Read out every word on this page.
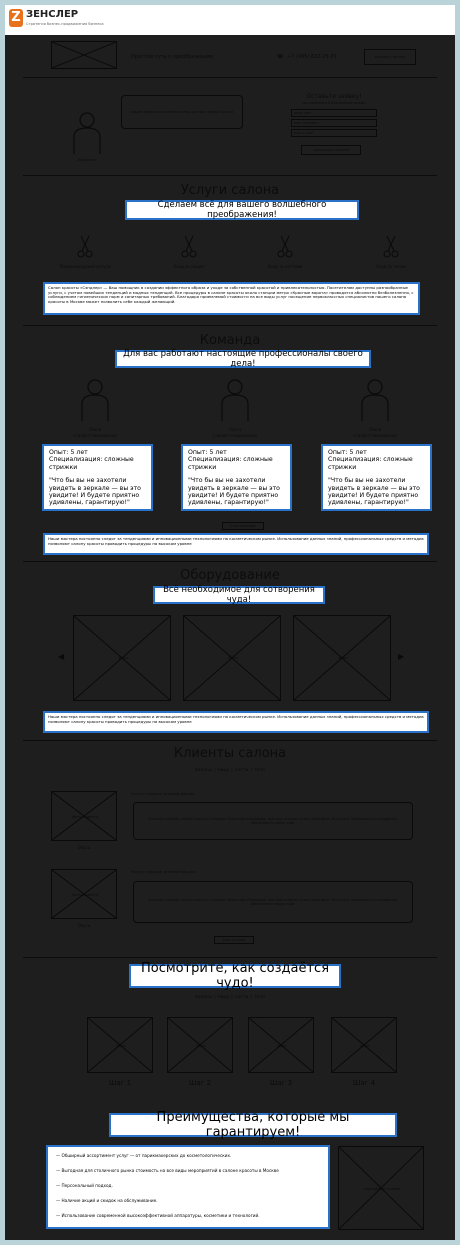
Z ЗЕНСЛЕР
Стратегия бизнес-продвижения бизнеса
Простой путь к преображению	☎ +7 (495) 632-25-01	заказать звонок
создан макетом с возможностью, для вас первой ссылки
Надёжная
Оставьте заявку!
мы свяжемся в ближайшее время
ваше имя
ваш телефон
ваш e-mail
записаться онлайн
Услуги салона
Сделаем всё для вашего волшебного преображения!
Парикмахерские услуги	Уход за лицом	Уход за ногтями	Уход за телом
Салон красоты «Сэндлер» — Ваш помощник в создании эффектного образа и уходе за собственной красотой и привлекательностью. Посетителям доступны разнообразные услуги, с учетом новейших тенденций и модных тенденций. Все процедуры в салоне красоты около станции метро «Красные ворота» проводятся абсолютно безболезненно, с соблюдением гигиенических норм и санитарных требований. Благодаря приемлемой стоимости на все виды услуг посещение первоклассных специалистов нашего салона красоты в Москве может позволить себе каждый желающий.
Команда
Для вас работают настоящие профессионалы своего дела!
Ольга
стилист-парикмахер
Ольга
стилист-парикмахер
Ольга
стилист-парикмахер

Опыт: 5 лет

Специализация: сложные стрижки

"Что бы вы не захотели увидеть в зеркале — вы это увидите! И будете приятно удивлены, гарантирую!"

Опыт: 5 лет

Специализация: сложные стрижки

"Что бы вы не захотели увидеть в зеркале — вы это увидите! И будете приятно удивлены, гарантирую!"

Опыт: 5 лет

Специализация: сложные стрижки

"Что бы вы не захотели увидеть в зеркале — вы это увидите! И будете приятно удивлены, гарантирую!"

Ещё команда
Наши мастера постоянно следят за тенденциями и инновационными технологиями на косметическом рынке. Использование данных знаний, профессиональных средств и методик позволяют салону красоты проводить процедуры на высоком уровне
Оборудование
Всё необходимое для сотворения чуда!
◀	фото	фото	фото	▶
Наши мастера постоянно следят за тенденциями и инновационными технологиями на косметическом рынке. Использование данных знаний, профессиональных средств и методик позволяют салону красоты проводить процедуры на высоком уровне
Клиенты салона
волосы | лицо | ногти | тело
Фото клиента
Ольга
Услуги: стрижка, дневной макияж
Большое спасибо салону красоты Сэндлер! Приятная атмосфера, мастера отлично знают своё дело. Результат превзошёл все ожидания, обязательно приду ещё.
Фото клиента
Ольга
Услуги: стрижка, дневной макияж
Большое спасибо салону красоты Сэндлер! Приятная атмосфера, мастера отлично знают своё дело. Результат превзошёл все ожидания, обязательно приду ещё.
Ещё отзывы
Посмотрите, как создаётся чудо!
волосы | лицо | ногти | тело
фото
Шаг 1
фото
Шаг 2
фото
Шаг 3
фото
Шаг 4
Преимущества, которые мы гарантируем!
— Обширный ассортимент услуг — от парикмахерских до косметологических.
— Выгодная для столичного рынка стоимость на все виды мероприятий в салоне красоты в Москве
— Персональный подход.
— Наличие акций и скидок на обслуживание.
— Использование современной высокоэффективной аппаратуры, косметики и технологий.
сертификат салона
